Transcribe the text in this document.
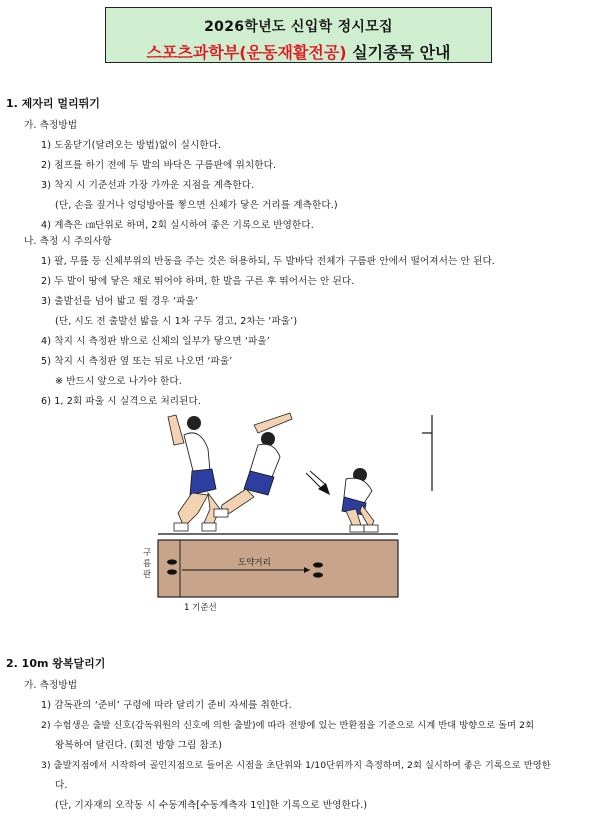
2026학년도 신입학 정시모집
스포츠과학부(운동재활전공) 실기종목 안내
1. 제자리 멀리뛰기
가. 측정방법
1) 도움닫기(달려오는 방법)없이 실시한다.
2) 점프를 하기 전에 두 발의 바닥은 구름판에 위치한다.
3) 착지 시 기준선과 가장 가까운 지점을 계측한다.
(단, 손을 짚거나 엉덩방아를 찧으면 신체가 닿은 거리를 계측한다.)
4) 계측은 ㎝단위로 하며, 2회 실시하여 좋은 기록으로 반영한다.
나. 측정 시 주의사항
1) 팔, 무릎 등 신체부위의 반동을 주는 것은 허용하되, 두 발바닥 전체가 구름판 안에서 떨어져서는 안 된다.
2) 두 발이 땅에 닿은 채로 뛰어야 하며, 한 발을 구른 후 뛰어서는 안 된다.
3) 출발선을 넘어 밟고 뛸 경우 ‘파울’
(단, 시도 전 출발선 밟을 시 1차 구두 경고, 2차는 ‘파울’)
4) 착지 시 측정판 밖으로 신체의 일부가 닿으면 ‘파울’
5) 착지 시 측정판 옆 또는 뒤로 나오면 ‘파울’
※ 반드시 앞으로 나가야 한다.
6) 1, 2회 파울 시 실격으로 처리된다.
도약거리
구 름 판
1 기준선
2. 10m 왕복달리기
가. 측정방법
1) 감독관의 ‘준비’ 구령에 따라 달리기 준비 자세를 취한다.
2) 수험생은 출발 신호(감독위원의 신호에 의한 출발)에 따라 전방에 있는 반환점을 기준으로 시계 반대 방향으로 돌며 2회
왕복하여 달린다. (회전 방향 그림 참조)
3) 출발지점에서 시작하여 골인지점으로 들어온 시점을 초단위와 1/10단위까지 측정하며, 2회 실시하여 좋은 기록으로 반영한
다.
(단, 기자재의 오작동 시 수동계측[수동계측자 1인]한 기록으로 반영한다.)
